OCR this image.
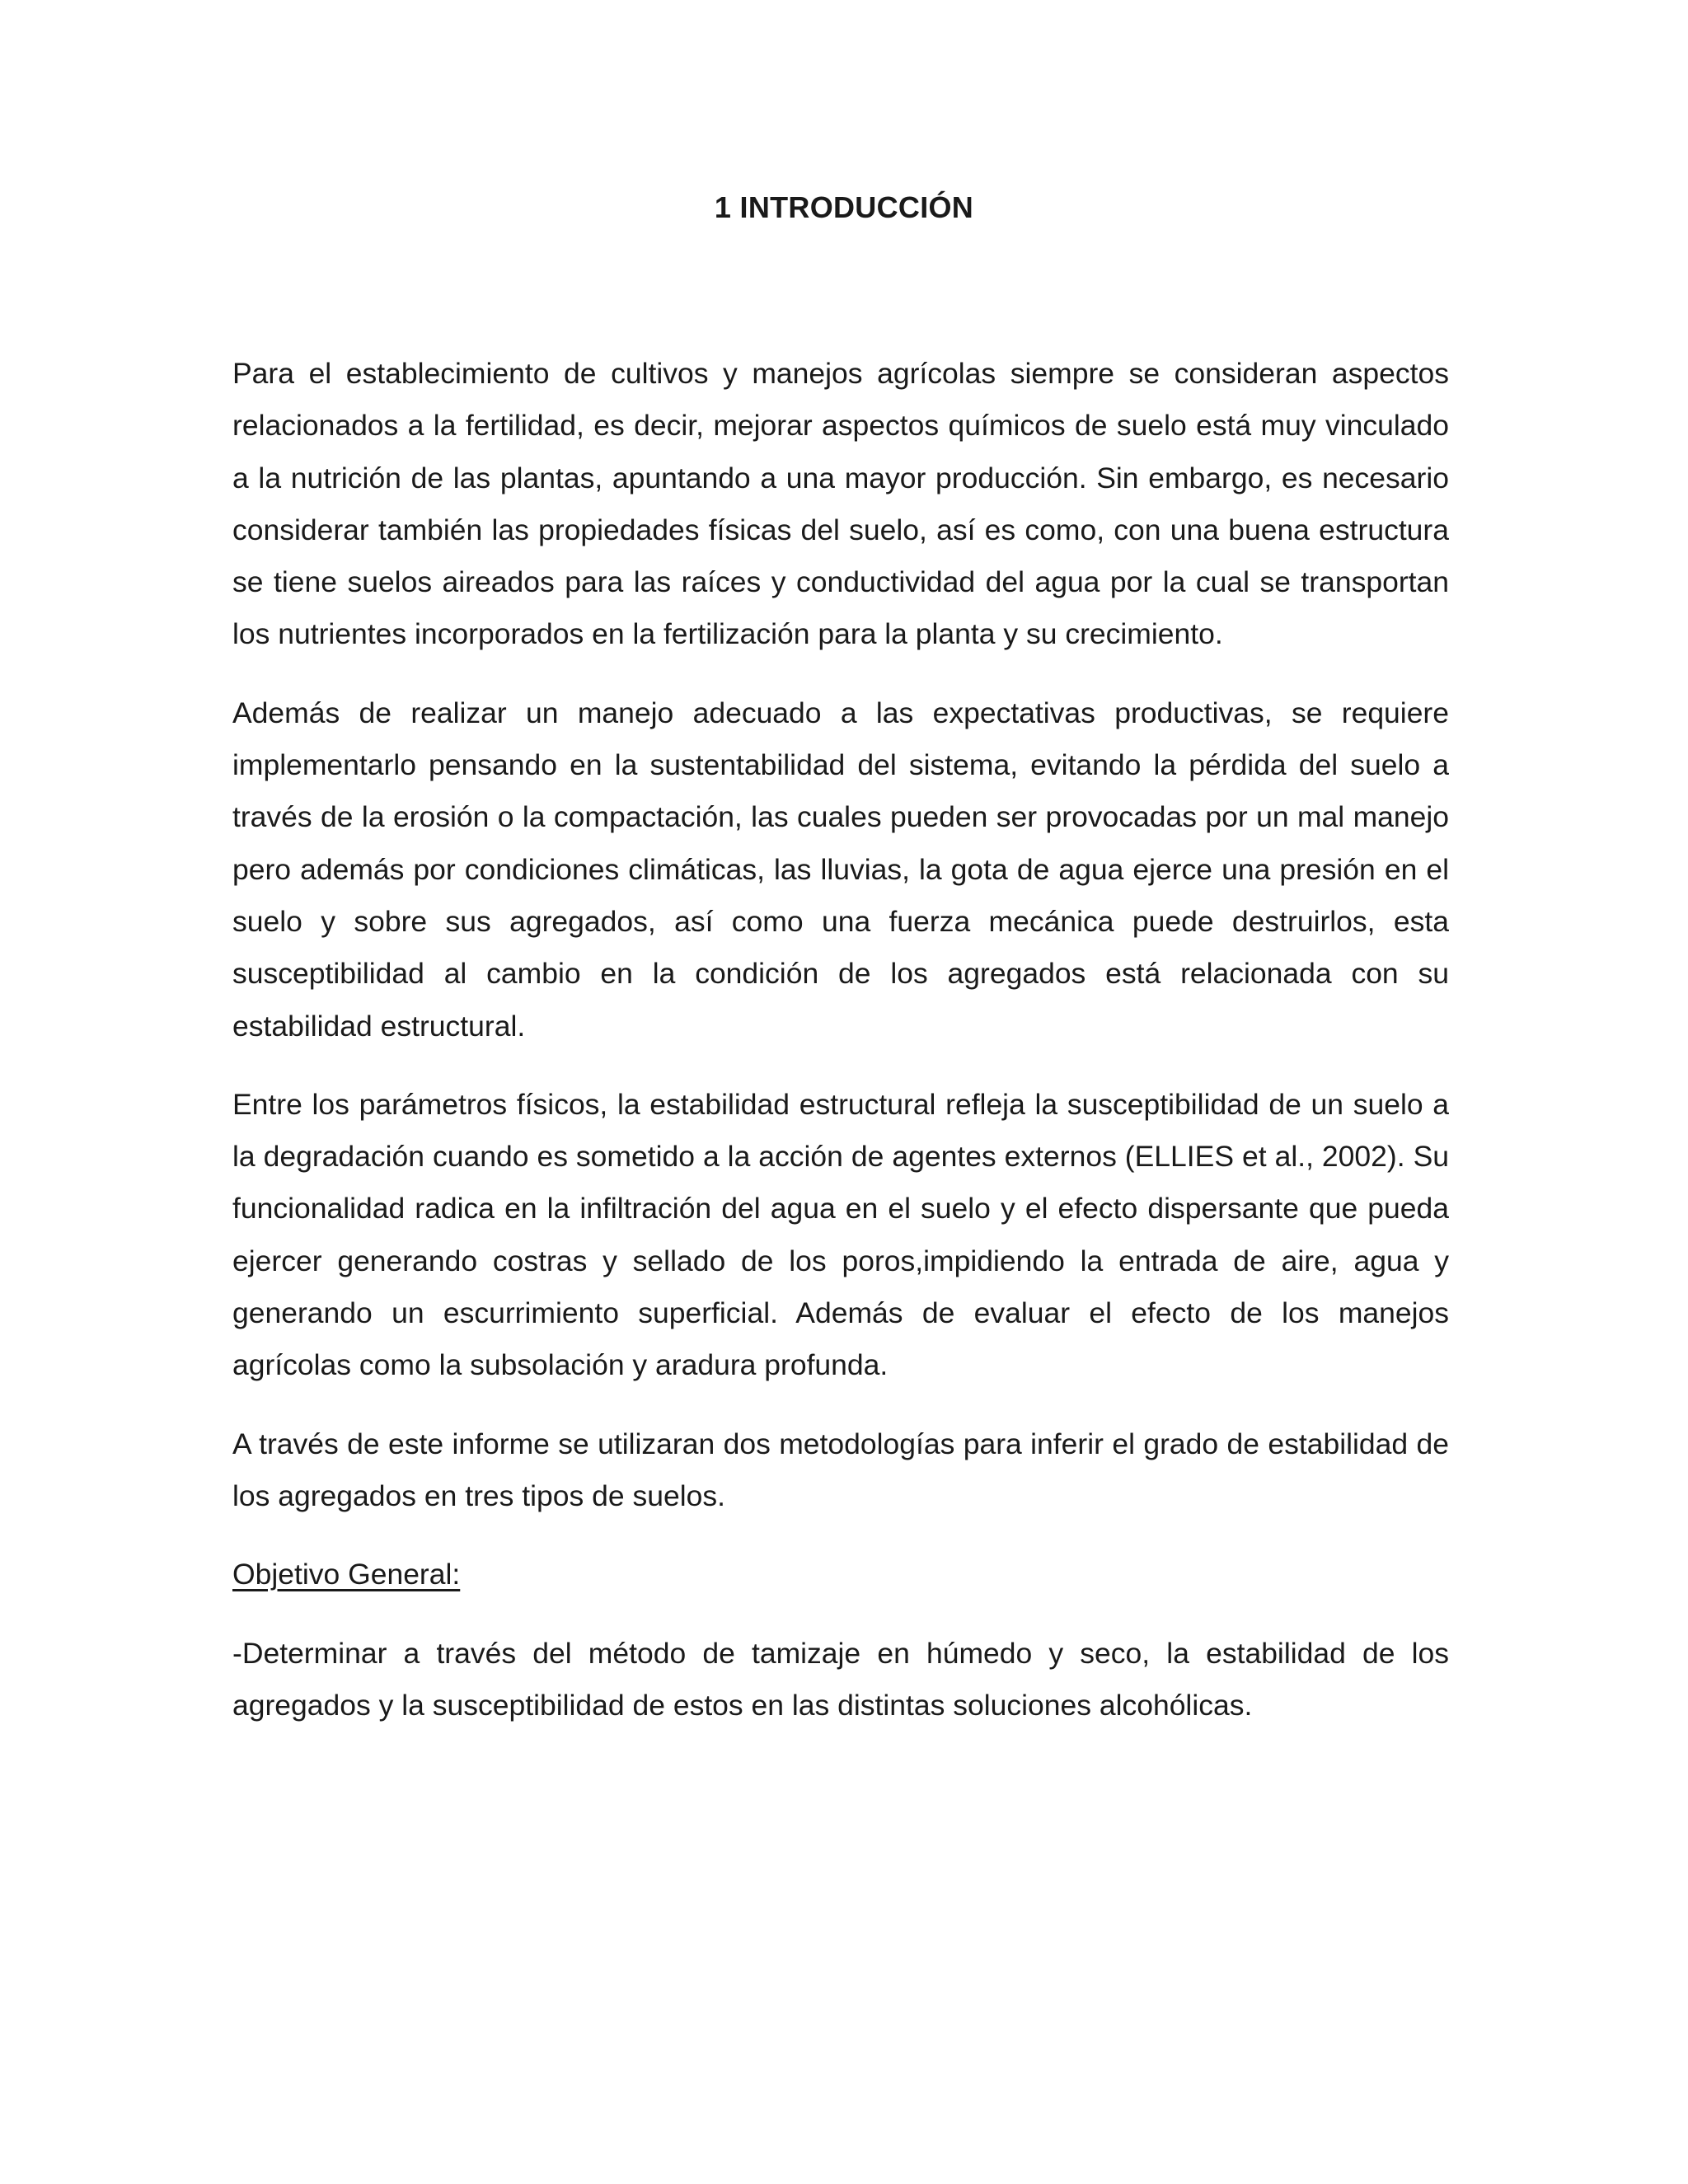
1 INTRODUCCIÓN

Para el establecimiento de cultivos y manejos agrícolas siempre se consideran aspectos relacionados a la fertilidad, es decir, mejorar aspectos químicos de suelo está muy vinculado a la nutrición de las plantas, apuntando a una mayor producción. Sin embargo, es necesario considerar también las propiedades físicas del suelo, así es como, con una buena estructura se tiene suelos aireados para las raíces y conductividad del agua por la cual se transportan los nutrientes incorporados en la fertilización para la planta y su crecimiento.

Además de realizar un manejo adecuado a las expectativas productivas, se requiere implementarlo pensando en la sustentabilidad del sistema, evitando la pérdida del suelo a través de la erosión o la compactación, las cuales pueden ser provocadas por un mal manejo pero además por condiciones climáticas, las lluvias, la gota de agua ejerce una presión en el suelo y sobre sus agregados, así como una fuerza mecánica puede destruirlos, esta susceptibilidad al cambio en la condición de los agregados está relacionada con su estabilidad estructural.

Entre los parámetros físicos, la estabilidad estructural refleja la susceptibilidad de un suelo a la degradación cuando es sometido a la acción de agentes externos (ELLIES et al., 2002). Su funcionalidad radica en la infiltración del agua en el suelo y el efecto dispersante que pueda ejercer generando costras y sellado de los poros,impidiendo la entrada de aire, agua y generando un escurrimiento superficial. Además de evaluar el efecto de los manejos agrícolas como la subsolación y aradura profunda.

A través de este informe se utilizaran dos metodologías para inferir el grado de estabilidad de los agregados en tres tipos de suelos.

Objetivo General:

-Determinar a través del método de tamizaje en húmedo y seco, la estabilidad de los agregados y la susceptibilidad de estos en las distintas soluciones alcohólicas.
